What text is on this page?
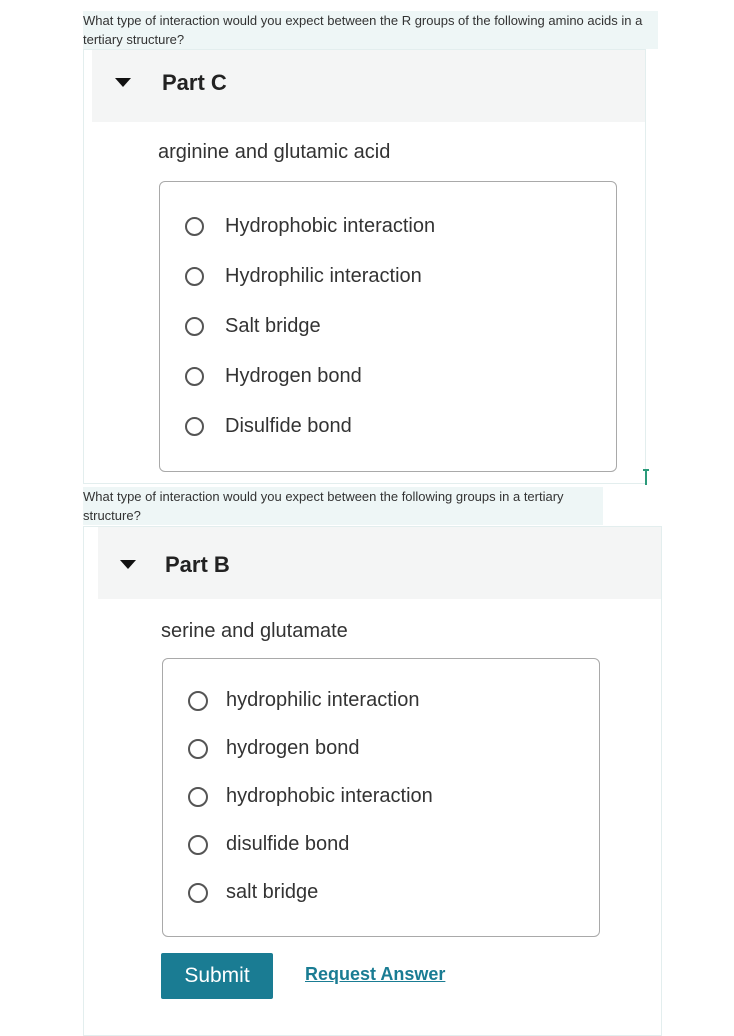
What type of interaction would you expect between the R groups of the following amino acids in a tertiary structure?
Part C
arginine and glutamic acid
Hydrophobic interaction
Hydrophilic interaction
Salt bridge
Hydrogen bond
Disulfide bond
What type of interaction would you expect between the following groups in a tertiary structure?
Part B
serine and glutamate
hydrophilic interaction
hydrogen bond
hydrophobic interaction
disulfide bond
salt bridge
Submit	Request Answer
